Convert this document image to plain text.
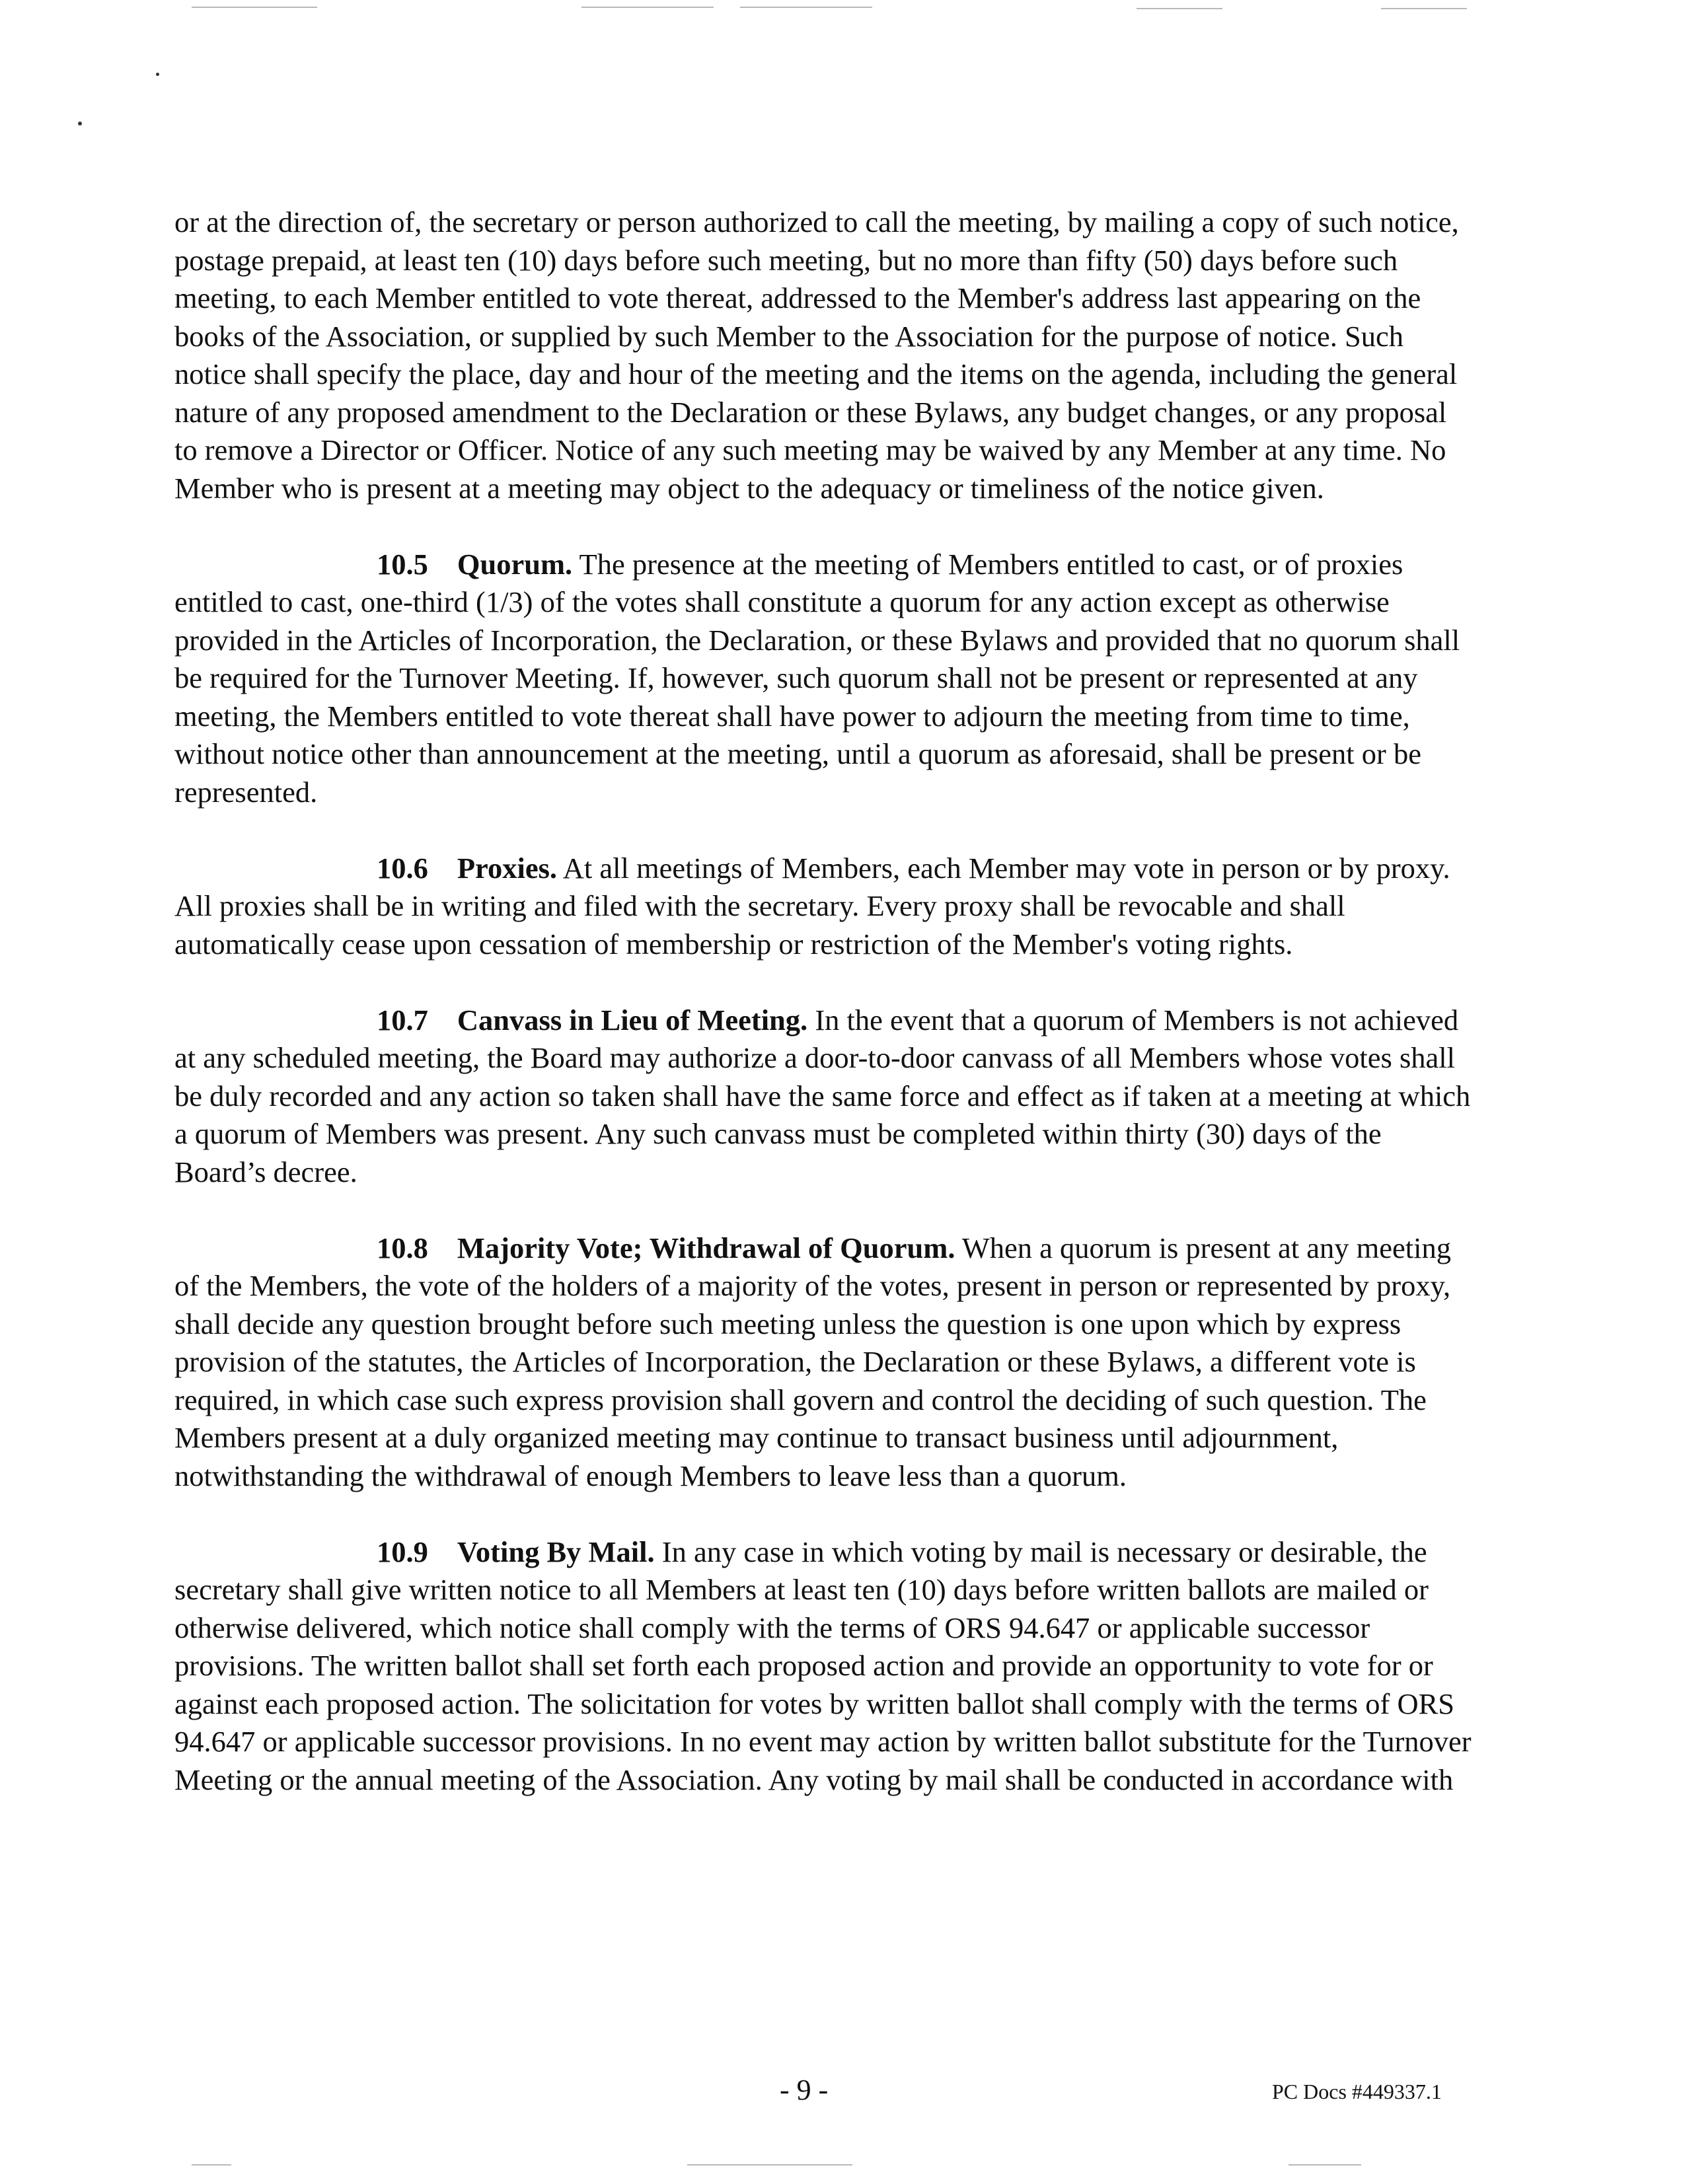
or at the direction of, the secretary or person authorized to call the meeting, by mailing a copy of such notice, postage prepaid, at least ten (10) days before such meeting, but no more than fifty (50) days before such meeting, to each Member entitled to vote thereat, addressed to the Member's address last appearing on the books of the Association, or supplied by such Member to the Association for the purpose of notice. Such notice shall specify the place, day and hour of the meeting and the items on the agenda, including the general nature of any proposed amendment to the Declaration or these Bylaws, any budget changes, or any proposal to remove a Director or Officer. Notice of any such meeting may be waived by any Member at any time. No Member who is present at a meeting may object to the adequacy or timeliness of the notice given.

10.5 Quorum. The presence at the meeting of Members entitled to cast, or of proxies entitled to cast, one-third (1/3) of the votes shall constitute a quorum for any action except as otherwise provided in the Articles of Incorporation, the Declaration, or these Bylaws and provided that no quorum shall be required for the Turnover Meeting. If, however, such quorum shall not be present or represented at any meeting, the Members entitled to vote thereat shall have power to adjourn the meeting from time to time, without notice other than announcement at the meeting, until a quorum as aforesaid, shall be present or be represented.

10.6 Proxies. At all meetings of Members, each Member may vote in person or by proxy. All proxies shall be in writing and filed with the secretary. Every proxy shall be revocable and shall automatically cease upon cessation of membership or restriction of the Member's voting rights.

10.7 Canvass in Lieu of Meeting. In the event that a quorum of Members is not achieved at any scheduled meeting, the Board may authorize a door-to-door canvass of all Members whose votes shall be duly recorded and any action so taken shall have the same force and effect as if taken at a meeting at which a quorum of Members was present. Any such canvass must be completed within thirty (30) days of the Board’s decree.

10.8 Majority Vote; Withdrawal of Quorum. When a quorum is present at any meeting of the Members, the vote of the holders of a majority of the votes, present in person or represented by proxy, shall decide any question brought before such meeting unless the question is one upon which by express provision of the statutes, the Articles of Incorporation, the Declaration or these Bylaws, a different vote is required, in which case such express provision shall govern and control the deciding of such question. The Members present at a duly organized meeting may continue to transact business until adjournment, notwithstanding the withdrawal of enough Members to leave less than a quorum.

10.9 Voting By Mail. In any case in which voting by mail is necessary or desirable, the secretary shall give written notice to all Members at least ten (10) days before written ballots are mailed or otherwise delivered, which notice shall comply with the terms of ORS 94.647 or applicable successor provisions. The written ballot shall set forth each proposed action and provide an opportunity to vote for or against each proposed action. The solicitation for votes by written ballot shall comply with the terms of ORS 94.647 or applicable successor provisions. In no event may action by written ballot substitute for the Turnover Meeting or the annual meeting of the Association. Any voting by mail shall be conducted in accordance with

- 9 -	PC Docs #449337.1
